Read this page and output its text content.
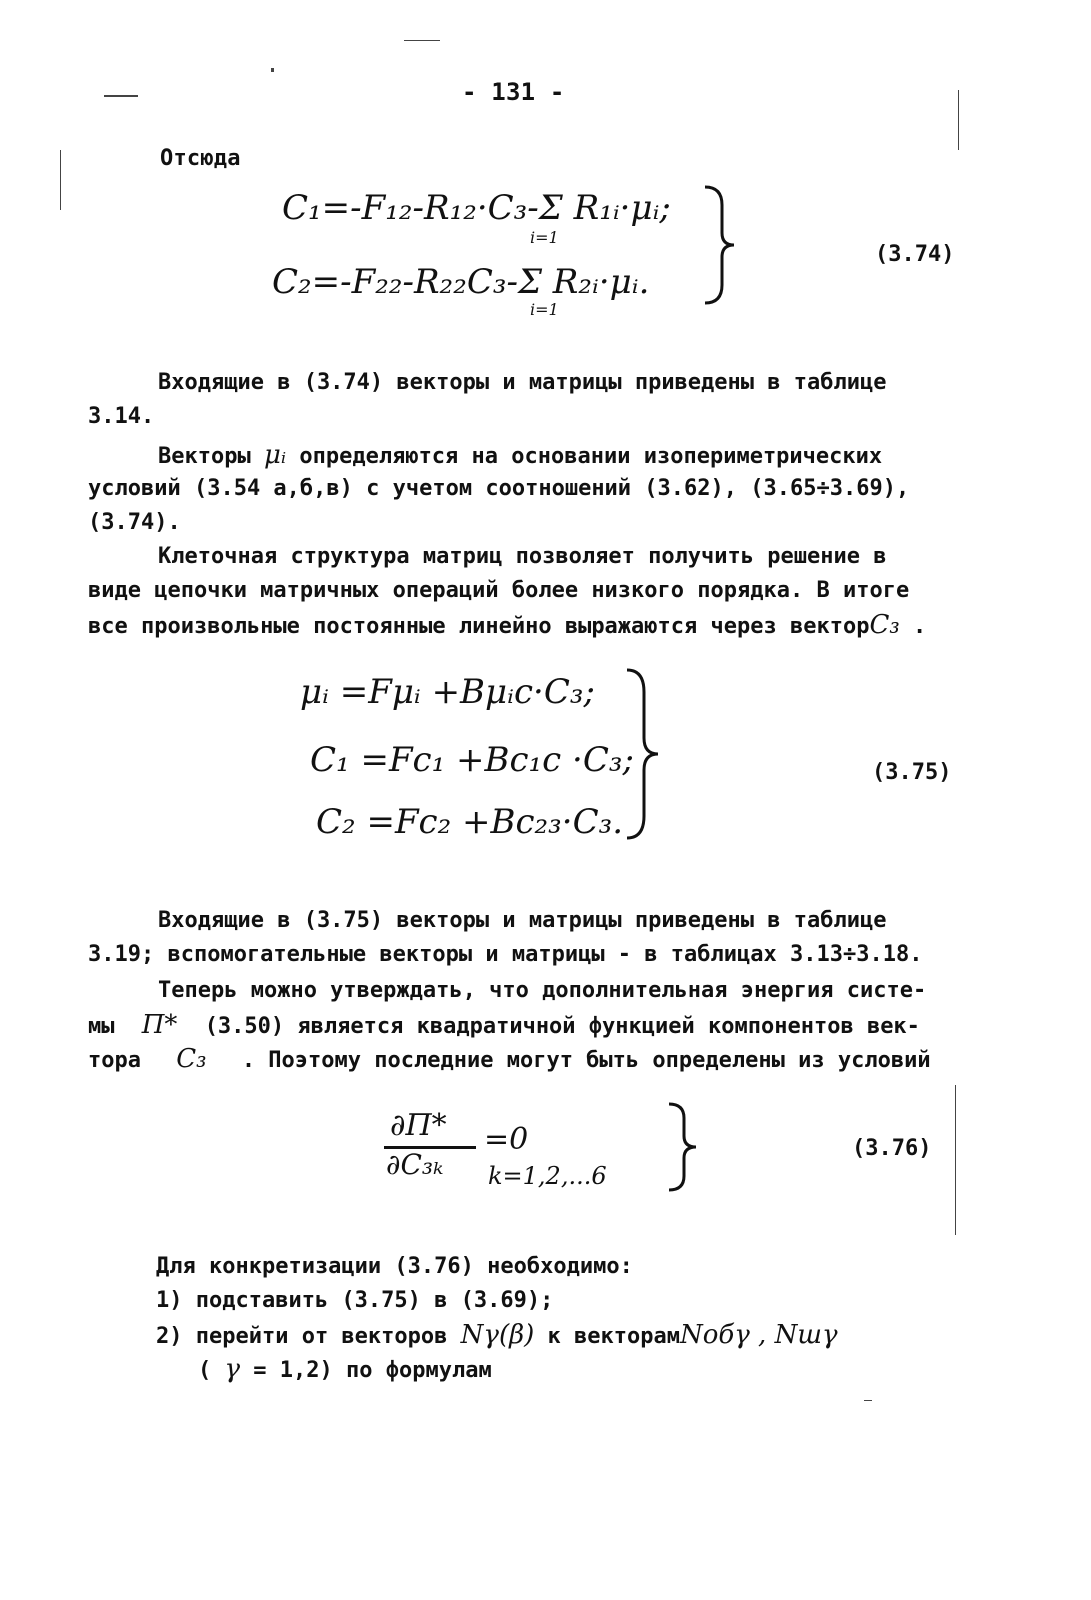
- 131 -
Отсюда
C₁=-F₁₂-R₁₂·C₃-Σ R₁ᵢ·μᵢ;
i=1
C₂=-F₂₂-R₂₂C₃-Σ R₂ᵢ·μᵢ.
i=1
(3.74)
Входящие в (3.74) векторы и матрицы приведены в таблице
3.14.
Векторы μᵢ определяются на основании изопериметрических
условий (3.54 а,б,в) с учетом соотношений (3.62), (3.65÷3.69),
(3.74).
Клеточная структура матриц позволяет получить решение в
виде цепочки матричных операций более низкого порядка. В итоге
все произвольные постоянные линейно выражаются через векторC₃ .
μᵢ =Fμᵢ +Bμᵢc·C₃;
C₁ =Fc₁ +Bc₁c ·C₃;
C₂ =Fc₂ +Bc₂₃·C₃.
(3.75)
Входящие в (3.75) векторы и матрицы приведены в таблице
3.19; вспомогательные векторы и матрицы - в таблицах 3.13÷3.18.
Теперь можно утверждать, что дополнительная энергия систе-
мы Π* (3.50) является квадратичной функцией компонентов век-
тора C₃ . Поэтому последние могут быть определены из условий
∂Π*
∂C₃ₖ
=0
k=1,2,...6
(3.76)
Для конкретизации (3.76) необходимо:
1) подставить (3.75) в (3.69);
2) перейти от векторов Nγ(β) к векторамNобγ , Nшγ
( γ = 1,2) по формулам
